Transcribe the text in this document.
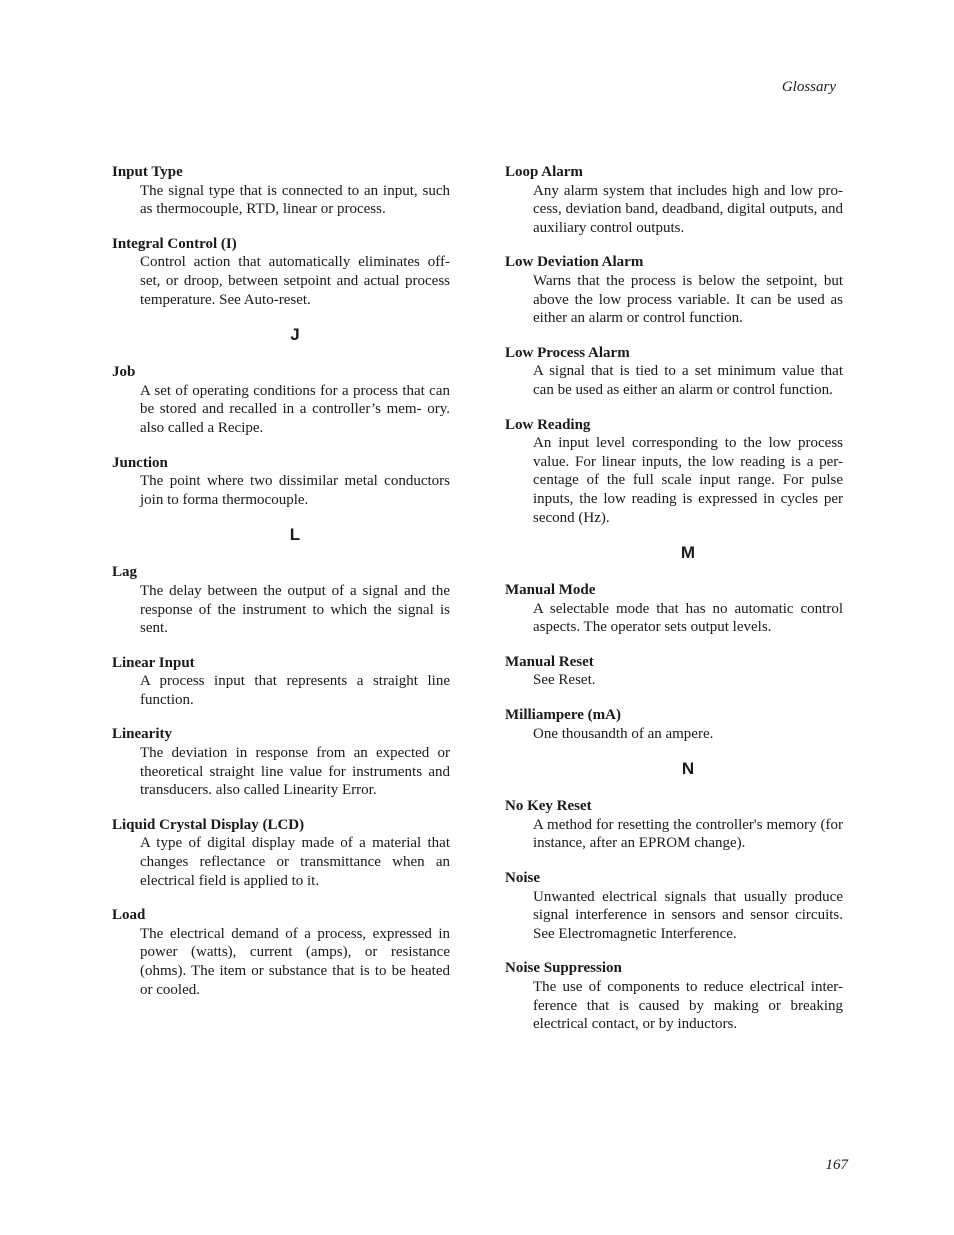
Glossary
Input Type
The signal type that is connected to an input, such as thermocouple, RTD, linear or process.
Integral Control (I)
Control action that automatically eliminates off- set, or droop, between setpoint and actual process temperature. See Auto-reset.
J
Job
A set of operating conditions for a process that can be stored and recalled in a controller’s mem- ory. also called a Recipe.
Junction
The point where two dissimilar metal conductors join to forma thermocouple.
L
Lag
The delay between the output of a signal and the response of the instrument to which the signal is sent.
Linear Input
A process input that represents a straight line function.
Linearity
The deviation in response from an expected or theoretical straight line value for instruments and transducers. also called Linearity Error.
Liquid Crystal Display (LCD)
A type of digital display made of a material that changes reflectance or transmittance when an electrical field is applied to it.
Load
The electrical demand of a process, expressed in power (watts), current (amps), or resistance (ohms). The item or substance that is to be heated or cooled.
Loop Alarm
Any alarm system that includes high and low pro- cess, deviation band, deadband, digital outputs, and auxiliary control outputs.
Low Deviation Alarm
Warns that the process is below the setpoint, but above the low process variable. It can be used as either an alarm or control function.
Low Process Alarm
A signal that is tied to a set minimum value that can be used as either an alarm or control function.
Low Reading
An input level corresponding to the low process value. For linear inputs, the low reading is a per- centage of the full scale input range. For pulse inputs, the low reading is expressed in cycles per second (Hz).
M
Manual Mode
A selectable mode that has no automatic control aspects. The operator sets output levels.
Manual Reset
See Reset.
Milliampere (mA)
One thousandth of an ampere.
N
No Key Reset
A method for resetting the controller's memory (for instance, after an EPROM change).
Noise
Unwanted electrical signals that usually produce signal interference in sensors and sensor circuits. See Electromagnetic Interference.
Noise Suppression
The use of components to reduce electrical inter- ference that is caused by making or breaking electrical contact, or by inductors.
167
